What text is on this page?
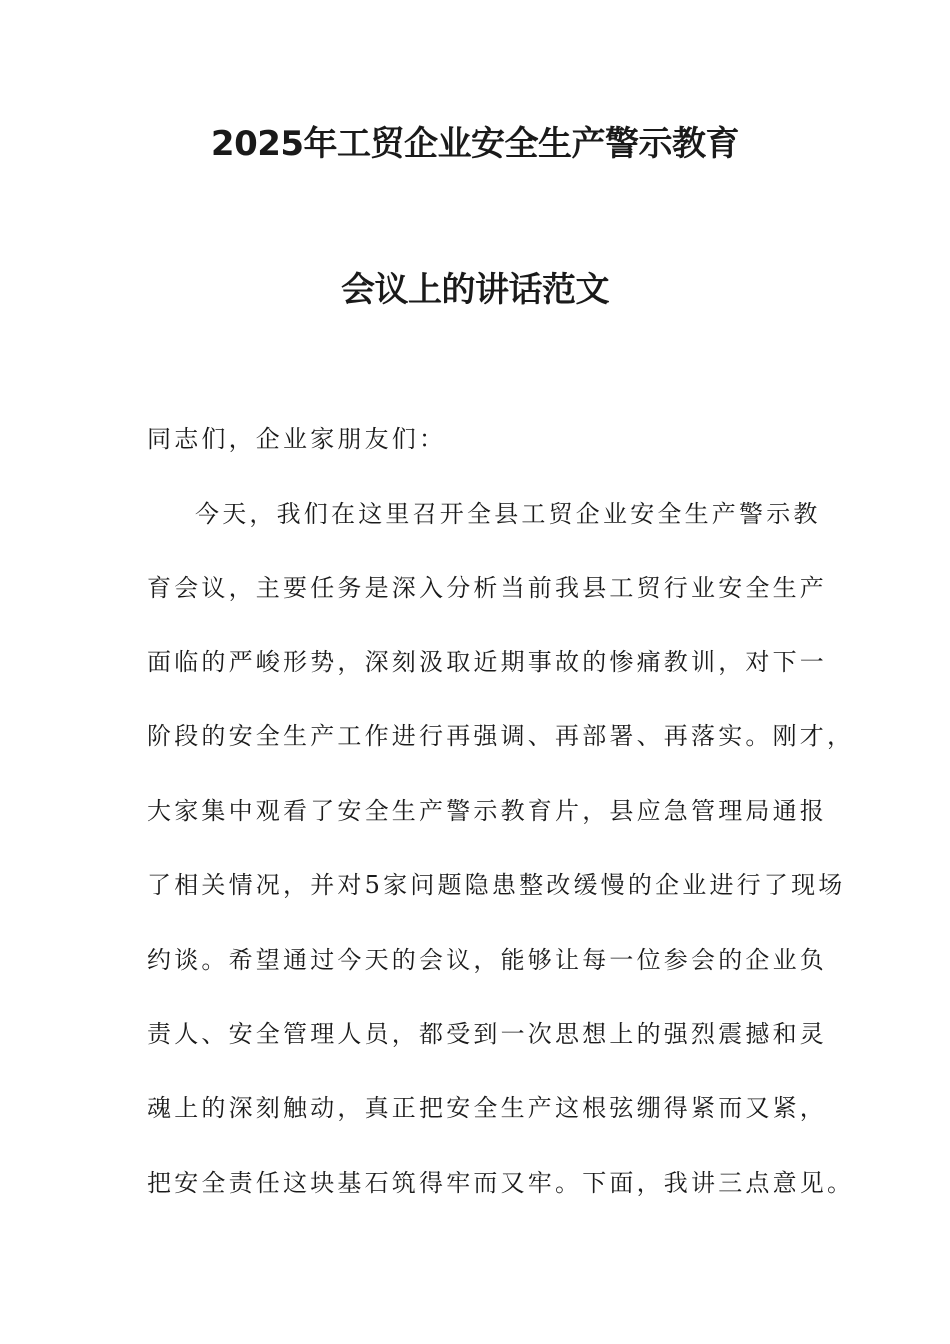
2025年工贸企业安全生产警示教育
会议上的讲话范文

同志们，企业家朋友们：

今天，我们在这里召开全县工贸企业安全生产警示教

育会议，主要任务是深入分析当前我县工贸行业安全生产

面临的严峻形势，深刻汲取近期事故的惨痛教训，对下一

阶段的安全生产工作进行再强调、再部署、再落实。刚才，

大家集中观看了安全生产警示教育片，县应急管理局通报

了相关情况，并对5家问题隐患整改缓慢的企业进行了现场

约谈。希望通过今天的会议，能够让每一位参会的企业负

责人、安全管理人员，都受到一次思想上的强烈震撼和灵

魂上的深刻触动，真正把安全生产这根弦绷得紧而又紧，

把安全责任这块基石筑得牢而又牢。下面，我讲三点意见。
